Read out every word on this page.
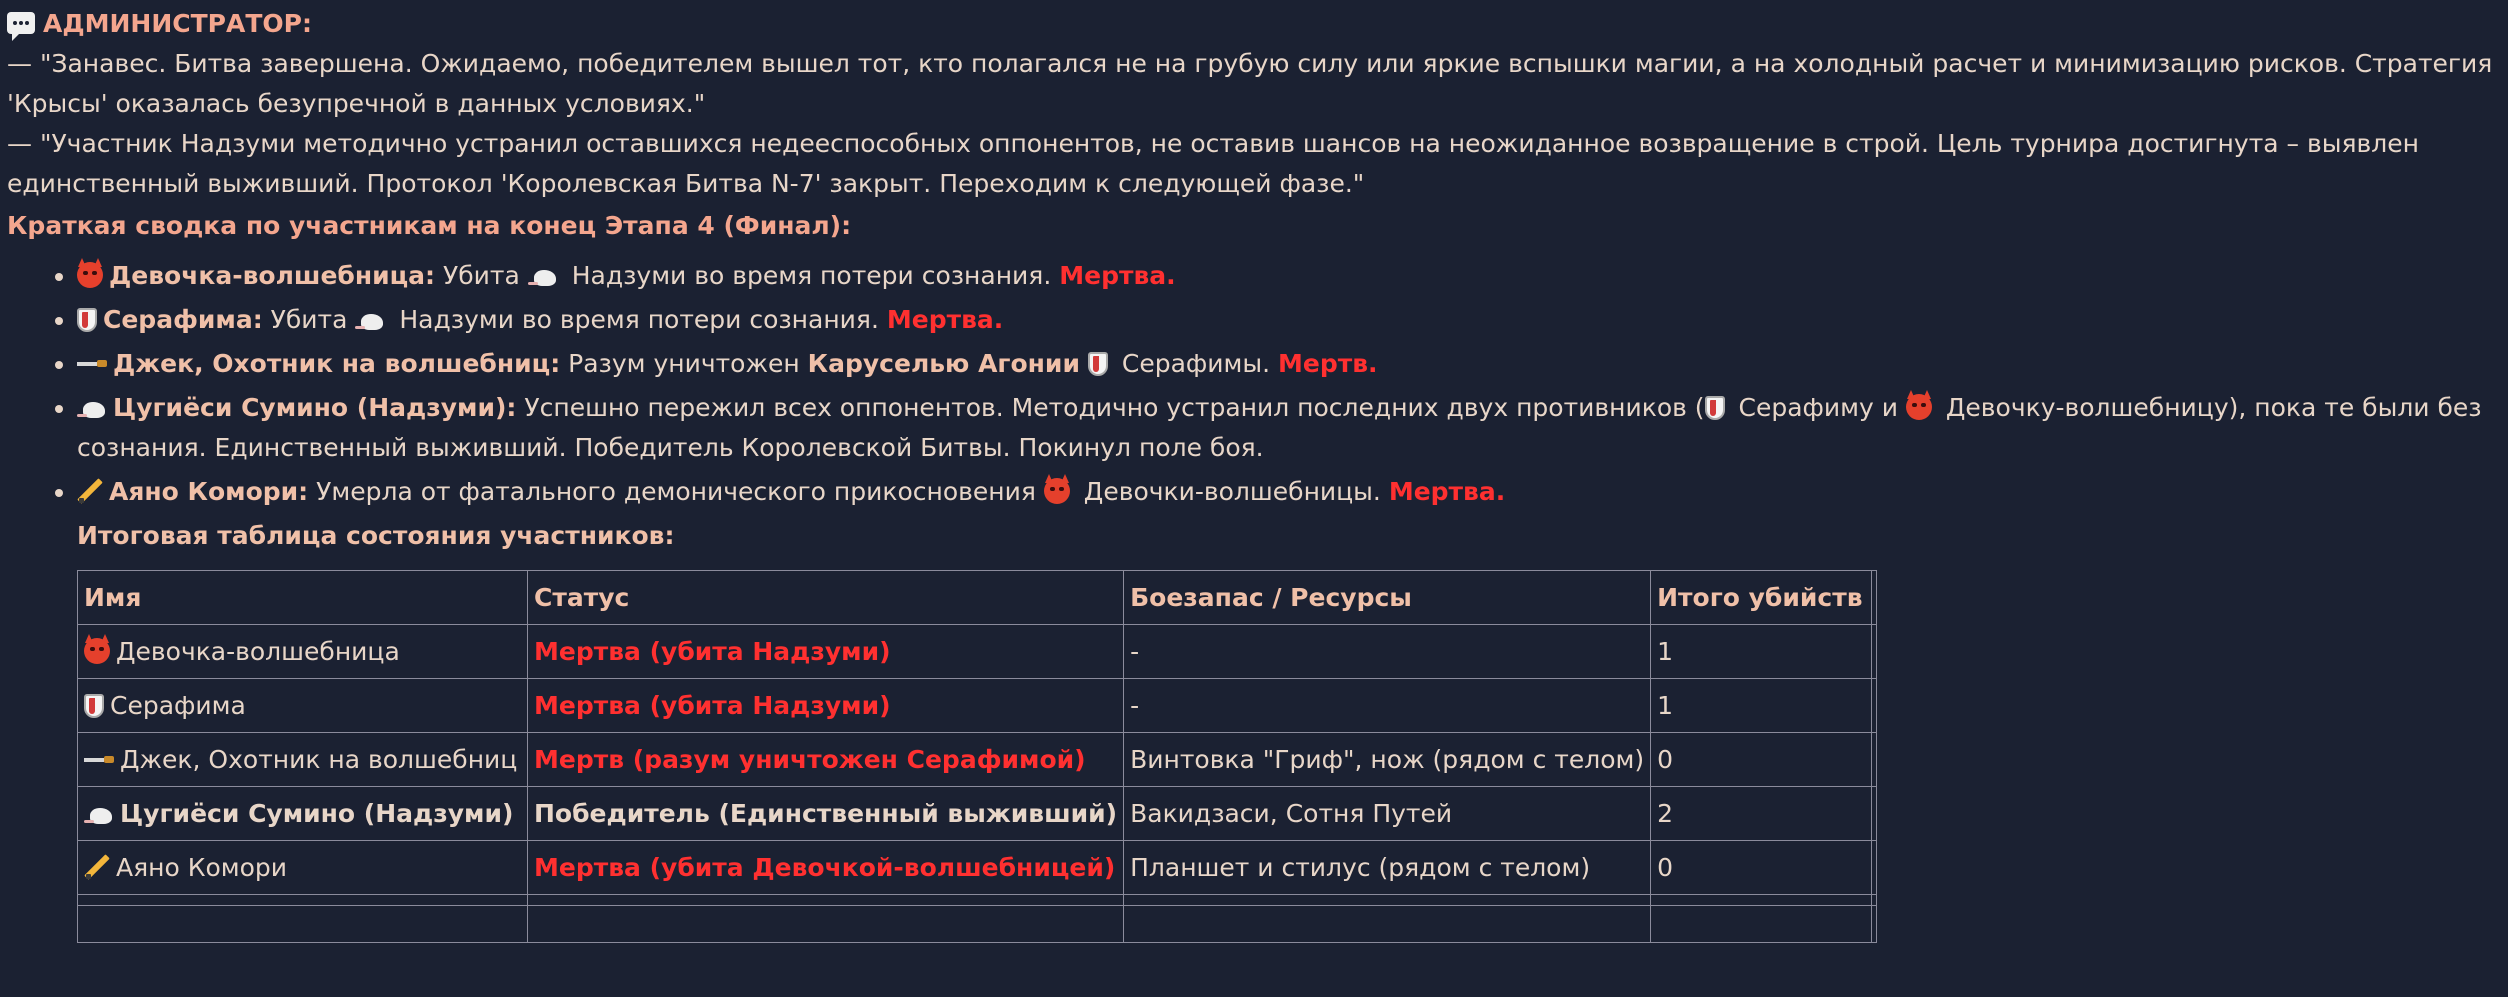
АДМИНИСТРАТОР:

— "Занавес. Битва завершена. Ожидаемо, победителем вышел тот, кто полагался не на грубую силу или яркие вспышки магии, а на холодный расчет и минимизацию рисков. Стратегия 'Крысы' оказалась безупречной в данных условиях."

— "Участник Надзуми методично устранил оставшихся недееспособных оппонентов, не оставив шансов на неожиданное возвращение в строй. Цель турнира достигнута – выявлен единственный выживший. Протокол 'Королевская Битва N-7' закрыт. Переходим к следующей фазе."

Краткая сводка по участникам на конец Этапа 4 (Финал):
• Девочка-волшебница: Убита  Надзуми во время потери сознания. Мертва.
• Серафима: Убита  Надзуми во время потери сознания. Мертва.
• Джек, Охотник на волшебниц: Разум уничтожен Каруселью Агонии  Серафимы. Мертв.
• Цугиёси Сумино (Надзуми): Успешно пережил всех оппонентов. Методично устранил последних двух противников ( Серафиму и
Девочку-волшебницу), пока те были без сознания. Единственный выживший. Победитель Королевской Битвы. Покинул поле боя.
• Аяно Комори: Умерла от фатального демонического прикосновения
Девочки-волшебницы. Мертва.
Итоговая таблица состояния участников:
Имя	Статус	Боезапас / Ресурсы	Итого убийств	

Девочка-волшебница	Мертва (убита Надзуми)	-	1	
Серафима	Мертва (убита Надзуми)	-	1	
Джек, Охотник на волшебниц	Мертв (разум уничтожен Серафимой)	Винтовка "Гриф", нож (рядом с телом)	0	
Цугиёси Сумино (Надзуми)	Победитель (Единственный выживший)	Вакидзаси, Сотня Путей	2	
Аяно Комори	Мертва (убита Девочкой-волшебницей)	Планшет и стилус (рядом с телом)	0	
